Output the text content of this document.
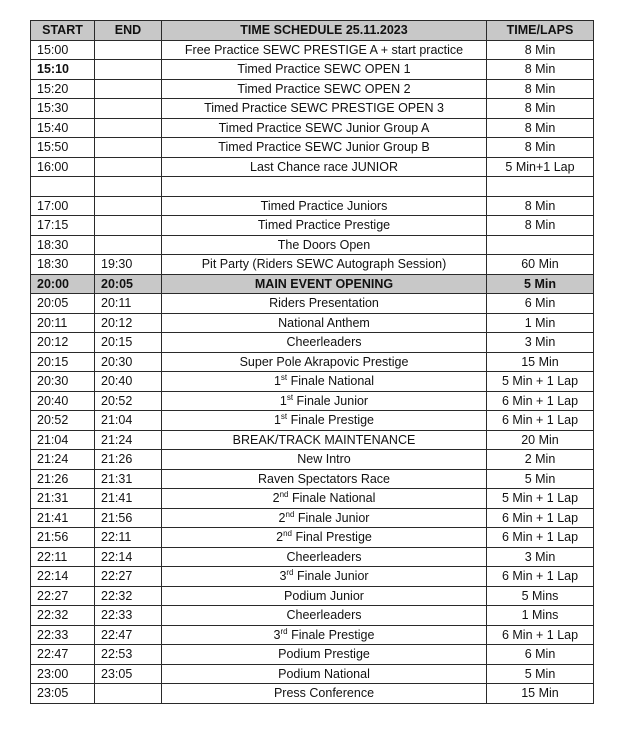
START	END	TIME SCHEDULE 25.11.2023	TIME/LAPS
15:00		Free Practice SEWC PRESTIGE A + start practice	8 Min
15:10		Timed Practice SEWC OPEN 1	8 Min
15:20		Timed Practice SEWC OPEN 2	8 Min
15:30		Timed Practice SEWC PRESTIGE OPEN 3	8 Min
15:40		Timed Practice SEWC Junior Group A	8 Min
15:50		Timed Practice SEWC Junior Group B	8 Min
16:00		Last Chance race JUNIOR	5 Min+1 Lap

17:00		Timed Practice Juniors	8 Min
17:15		Timed Practice Prestige	8 Min
18:30		The Doors Open	
18:30	19:30	Pit Party (Riders SEWC Autograph Session)	60 Min
20:00	20:05	MAIN EVENT OPENING	5 Min
20:05	20:11	Riders Presentation	6 Min
20:11	20:12	National Anthem	1 Min
20:12	20:15	Cheerleaders	3 Min
20:15	20:30	Super Pole Akrapovic Prestige	15 Min
20:30	20:40	1st Finale National	5 Min + 1 Lap
20:40	20:52	1st Finale Junior	6 Min + 1 Lap
20:52	21:04	1st Finale Prestige	6 Min + 1 Lap
21:04	21:24	BREAK/TRACK MAINTENANCE	20 Min
21:24	21:26	New Intro	2 Min
21:26	21:31	Raven Spectators Race	5 Min
21:31	21:41	2nd Finale National	5 Min + 1 Lap
21:41	21:56	2nd Finale Junior	6 Min + 1 Lap
21:56	22:11	2nd Final Prestige	6 Min + 1 Lap
22:11	22:14	Cheerleaders	3 Min
22:14	22:27	3rd Finale Junior	6 Min + 1 Lap
22:27	22:32	Podium Junior	5 Mins
22:32	22:33	Cheerleaders	1 Mins
22:33	22:47	3rd Finale Prestige	6 Min + 1 Lap
22:47	22:53	Podium Prestige	6 Min
23:00	23:05	Podium National	5 Min
23:05		Press Conference	15 Min
